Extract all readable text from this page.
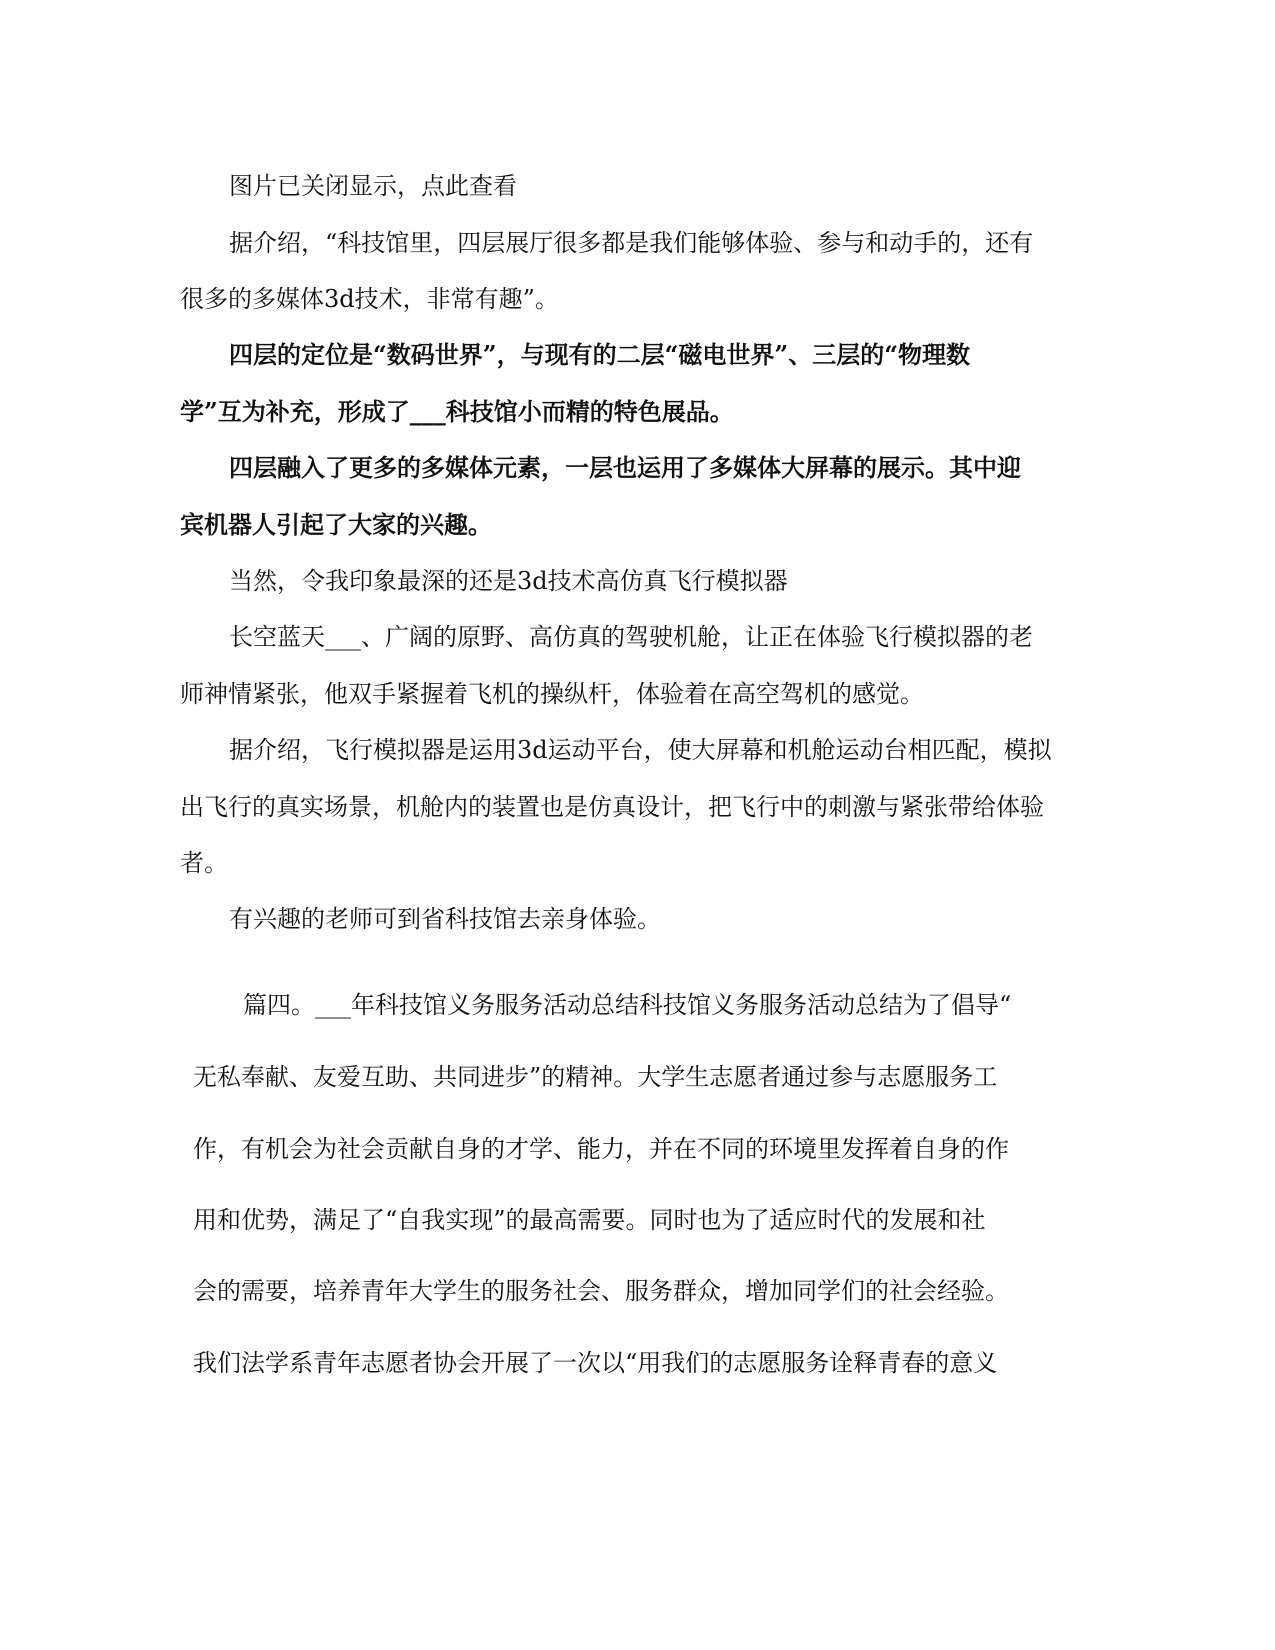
图片已关闭显示，点此查看

据介绍，“科技馆里，四层展厅很多都是我们能够体验、参与和动手的，还有

很多的多媒体3d技术，非常有趣”。

四层的定位是“数码世界”，与现有的二层“磁电世界”、三层的“物理数

学”互为补充，形成了___科技馆小而精的特色展品。

四层融入了更多的多媒体元素，一层也运用了多媒体大屏幕的展示。其中迎

宾机器人引起了大家的兴趣。

当然，令我印象最深的还是3d技术高仿真飞行模拟器

长空蓝天___、广阔的原野、高仿真的驾驶机舱，让正在体验飞行模拟器的老

师神情紧张，他双手紧握着飞机的操纵杆，体验着在高空驾机的感觉。

据介绍，飞行模拟器是运用3d运动平台，使大屏幕和机舱运动台相匹配，模拟

出飞行的真实场景，机舱内的装置也是仿真设计，把飞行中的刺激与紧张带给体验

者。

有兴趣的老师可到省科技馆去亲身体验。

篇四。___年科技馆义务服务活动总结科技馆义务服务活动总结为了倡导“

无私奉献、友爱互助、共同进步”的精神。大学生志愿者通过参与志愿服务工

作，有机会为社会贡献自身的才学、能力，并在不同的环境里发挥着自身的作

用和优势，满足了“自我实现”的最高需要。同时也为了适应时代的发展和社

会的需要，培养青年大学生的服务社会、服务群众，增加同学们的社会经验。

我们法学系青年志愿者协会开展了一次以“用我们的志愿服务诠释青春的意义
